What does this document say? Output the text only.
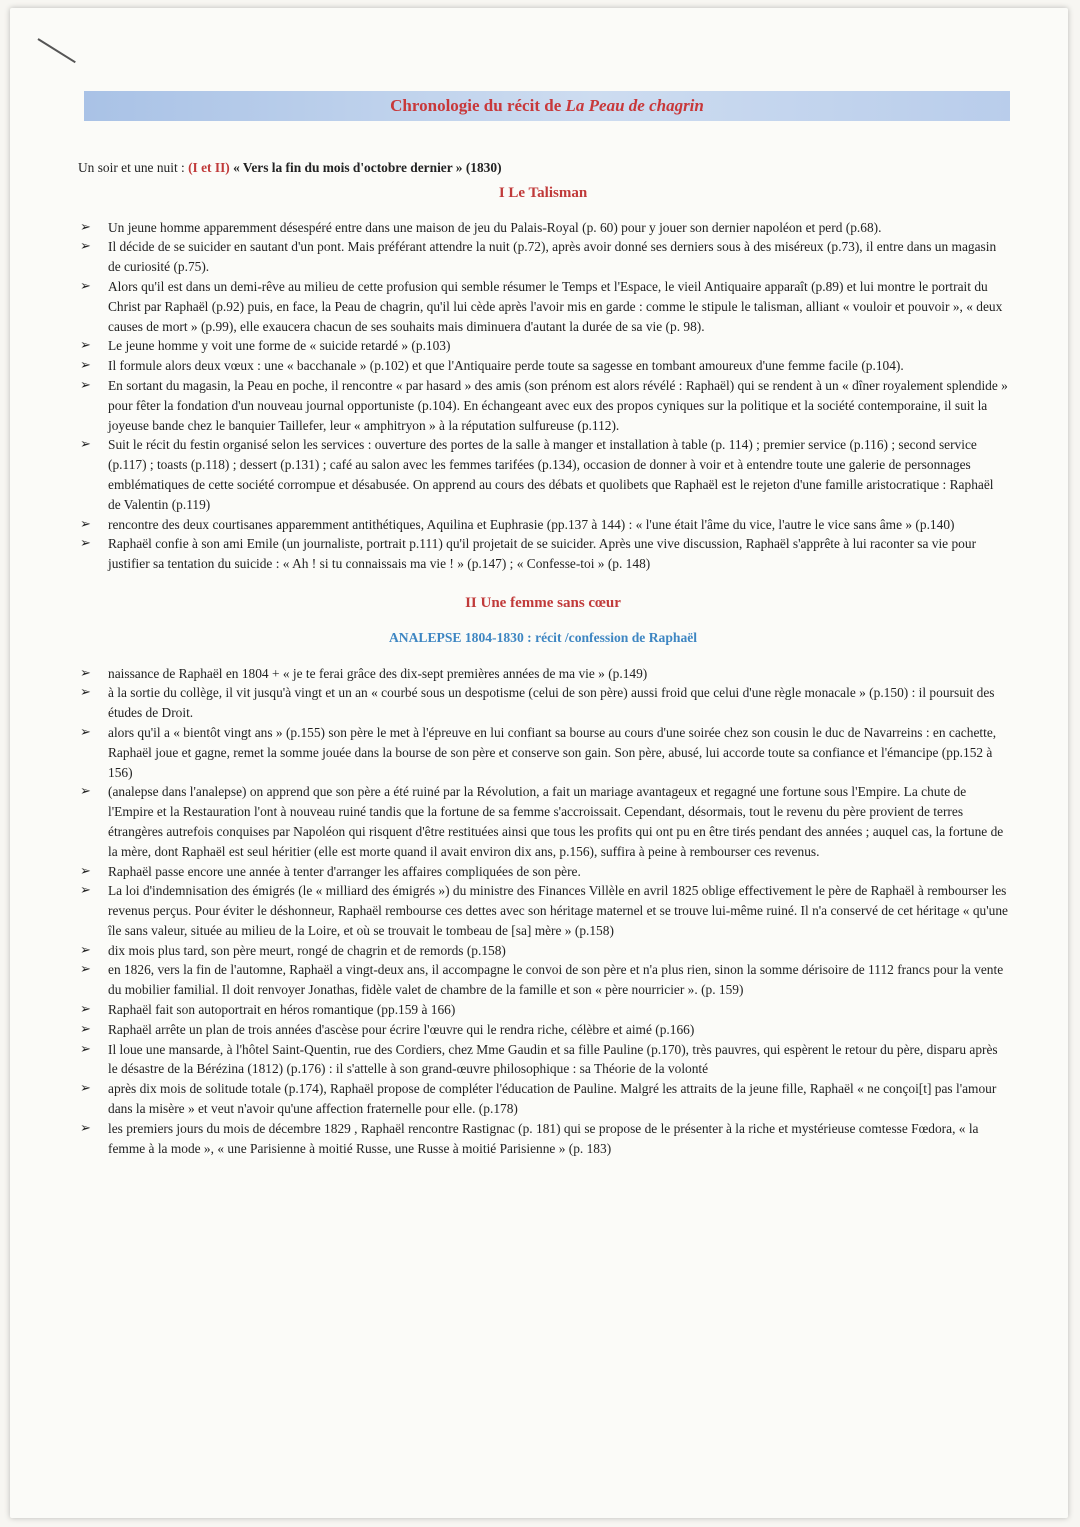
Chronologie du récit de La Peau de chagrin

Un soir et une nuit : (I et II) « Vers la fin du mois d'octobre dernier » (1830)

I Le Talisman
➢ Un jeune homme apparemment désespéré entre dans une maison de jeu du Palais-Royal (p. 60) pour y jouer son dernier napoléon et perd (p.68).
➢ Il décide de se suicider en sautant d'un pont. Mais préférant attendre la nuit (p.72), après avoir donné ses derniers sous à des miséreux (p.73), il entre dans un magasin de curiosité (p.75).
➢ Alors qu'il est dans un demi-rêve au milieu de cette profusion qui semble résumer le Temps et l'Espace, le vieil Antiquaire apparaît (p.89) et lui montre le portrait du Christ par Raphaël (p.92) puis, en face, la Peau de chagrin, qu'il lui cède après l'avoir mis en garde : comme le stipule le talisman, alliant « vouloir et pouvoir », « deux causes de mort » (p.99), elle exaucera chacun de ses souhaits mais diminuera d'autant la durée de sa vie (p. 98).
➢ Le jeune homme y voit une forme de « suicide retardé » (p.103)
➢ Il formule alors deux vœux : une « bacchanale » (p.102) et que l'Antiquaire perde toute sa sagesse en tombant amoureux d'une femme facile (p.104).
➢ En sortant du magasin, la Peau en poche, il rencontre « par hasard » des amis (son prénom est alors révélé : Raphaël) qui se rendent à un « dîner royalement splendide » pour fêter la fondation d'un nouveau journal opportuniste (p.104). En échangeant avec eux des propos cyniques sur la politique et la société contemporaine, il suit la joyeuse bande chez le banquier Taillefer, leur « amphitryon » à la réputation sulfureuse (p.112).
➢ Suit le récit du festin organisé selon les services : ouverture des portes de la salle à manger et installation à table (p. 114) ; premier service (p.116) ; second service (p.117) ; toasts (p.118) ; dessert (p.131) ; café au salon avec les femmes tarifées (p.134), occasion de donner à voir et à entendre toute une galerie de personnages emblématiques de cette société corrompue et désabusée. On apprend au cours des débats et quolibets que Raphaël est le rejeton d'une famille aristocratique : Raphaël de Valentin (p.119)
➢ rencontre des deux courtisanes apparemment antithétiques, Aquilina et Euphrasie (pp.137 à 144) : « l'une était l'âme du vice, l'autre le vice sans âme » (p.140)
➢ Raphaël confie à son ami Emile (un journaliste, portrait p.111) qu'il projetait de se suicider. Après une vive discussion, Raphaël s'apprête à lui raconter sa vie pour justifier sa tentation du suicide : « Ah ! si tu connaissais ma vie ! » (p.147) ; « Confesse-toi » (p. 148)
II Une femme sans cœur
ANALEPSE 1804-1830 : récit /confession de Raphaël
➢ naissance de Raphaël en 1804 + « je te ferai grâce des dix-sept premières années de ma vie » (p.149)
➢ à la sortie du collège, il vit jusqu'à vingt et un an « courbé sous un despotisme (celui de son père) aussi froid que celui d'une règle monacale » (p.150) : il poursuit des études de Droit.
➢ alors qu'il a « bientôt vingt ans » (p.155) son père le met à l'épreuve en lui confiant sa bourse au cours d'une soirée chez son cousin le duc de Navarreins : en cachette, Raphaël joue et gagne, remet la somme jouée dans la bourse de son père et conserve son gain. Son père, abusé, lui accorde toute sa confiance et l'émancipe (pp.152 à 156)
➢ (analepse dans l'analepse) on apprend que son père a été ruiné par la Révolution, a fait un mariage avantageux et regagné une fortune sous l'Empire. La chute de l'Empire et la Restauration l'ont à nouveau ruiné tandis que la fortune de sa femme s'accroissait. Cependant, désormais, tout le revenu du père provient de terres étrangères autrefois conquises par Napoléon qui risquent d'être restituées ainsi que tous les profits qui ont pu en être tirés pendant des années ; auquel cas, la fortune de la mère, dont Raphaël est seul héritier (elle est morte quand il avait environ dix ans, p.156), suffira à peine à rembourser ces revenus.
➢ Raphaël passe encore une année à tenter d'arranger les affaires compliquées de son père.
➢ La loi d'indemnisation des émigrés (le « milliard des émigrés ») du ministre des Finances Villèle en avril 1825 oblige effectivement le père de Raphaël à rembourser les revenus perçus. Pour éviter le déshonneur, Raphaël rembourse ces dettes avec son héritage maternel et se trouve lui-même ruiné. Il n'a conservé de cet héritage « qu'une île sans valeur, située au milieu de la Loire, et où se trouvait le tombeau de [sa] mère » (p.158)
➢ dix mois plus tard, son père meurt, rongé de chagrin et de remords (p.158)
➢ en 1826, vers la fin de l'automne, Raphaël a vingt-deux ans, il accompagne le convoi de son père et n'a plus rien, sinon la somme dérisoire de 1112 francs pour la vente du mobilier familial. Il doit renvoyer Jonathas, fidèle valet de chambre de la famille et son « père nourricier ». (p. 159)
➢ Raphaël fait son autoportrait en héros romantique (pp.159 à 166)
➢ Raphaël arrête un plan de trois années d'ascèse pour écrire l'œuvre qui le rendra riche, célèbre et aimé (p.166)
➢ Il loue une mansarde, à l'hôtel Saint-Quentin, rue des Cordiers, chez Mme Gaudin et sa fille Pauline (p.170), très pauvres, qui espèrent le retour du père, disparu après le désastre de la Bérézina (1812) (p.176) : il s'attelle à son grand-œuvre philosophique : sa Théorie de la volonté
➢ après dix mois de solitude totale (p.174), Raphaël propose de compléter l'éducation de Pauline. Malgré les attraits de la jeune fille, Raphaël « ne conçoi[t] pas l'amour dans la misère » et veut n'avoir qu'une affection fraternelle pour elle. (p.178)
➢ les premiers jours du mois de décembre 1829 , Raphaël rencontre Rastignac (p. 181) qui se propose de le présenter à la riche et mystérieuse comtesse Fœdora, « la femme à la mode », « une Parisienne à moitié Russe, une Russe à moitié Parisienne » (p. 183)
